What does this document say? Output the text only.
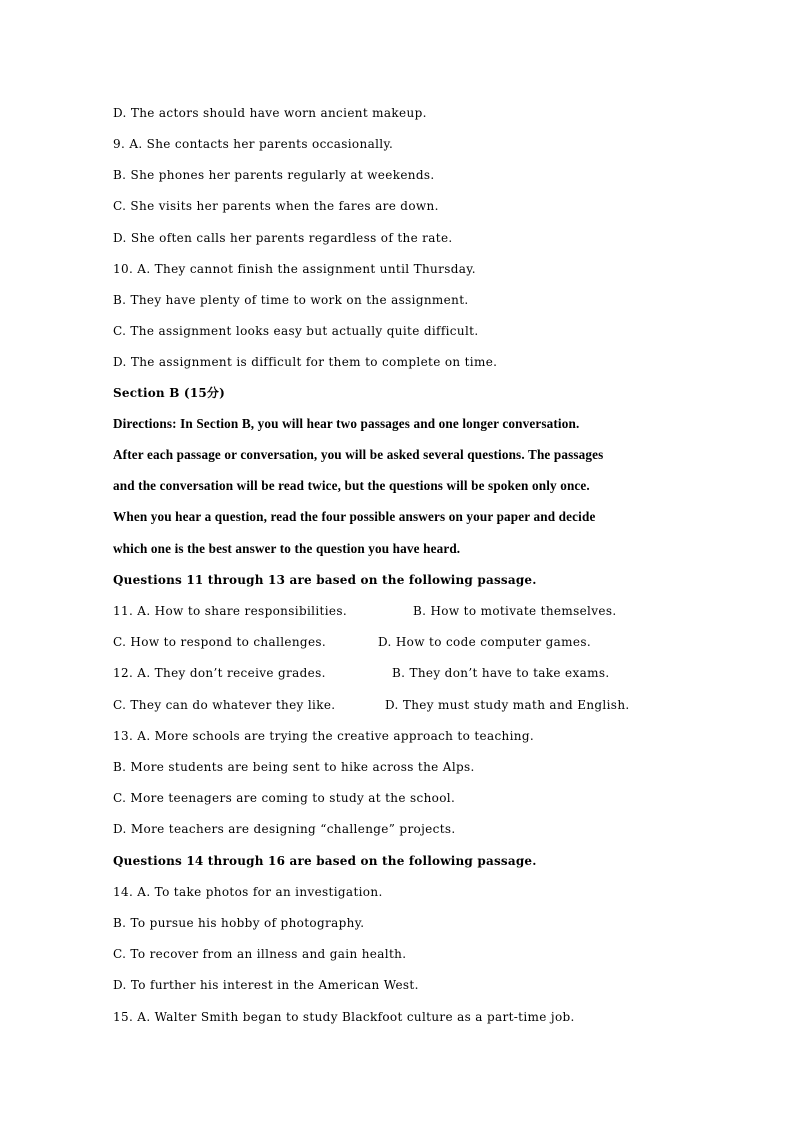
D. The actors should have worn ancient makeup.
9. A. She contacts her parents occasionally.
B. She phones her parents regularly at weekends.
C. She visits her parents when the fares are down.
D. She often calls her parents regardless of the rate.
10. A. They cannot finish the assignment until Thursday.
B. They have plenty of time to work on the assignment.
C. The assignment looks easy but actually quite difficult.
D. The assignment is difficult for them to complete on time.
Section B (15分)
Directions: In Section B, you will hear two passages and one longer conversation.
After each passage or conversation, you will be asked several questions. The passages
and the conversation will be read twice, but the questions will be spoken only once.
When you hear a question, read the four possible answers on your paper and decide
which one is the best answer to the question you have heard.
Questions 11 through 13 are based on the following passage.
11. A. How to share responsibilities.	B. How to motivate themselves.
C. How to respond to challenges.	D. How to code computer games.
12. A. They don’t receive grades.	B. They don’t have to take exams.
C. They can do whatever they like.	D. They must study math and English.
13. A. More schools are trying the creative approach to teaching.
B. More students are being sent to hike across the Alps.
C. More teenagers are coming to study at the school.
D. More teachers are designing “challenge” projects.
Questions 14 through 16 are based on the following passage.
14. A. To take photos for an investigation.
B. To pursue his hobby of photography.
C. To recover from an illness and gain health.
D. To further his interest in the American West.
15. A. Walter Smith began to study Blackfoot culture as a part-time job.
